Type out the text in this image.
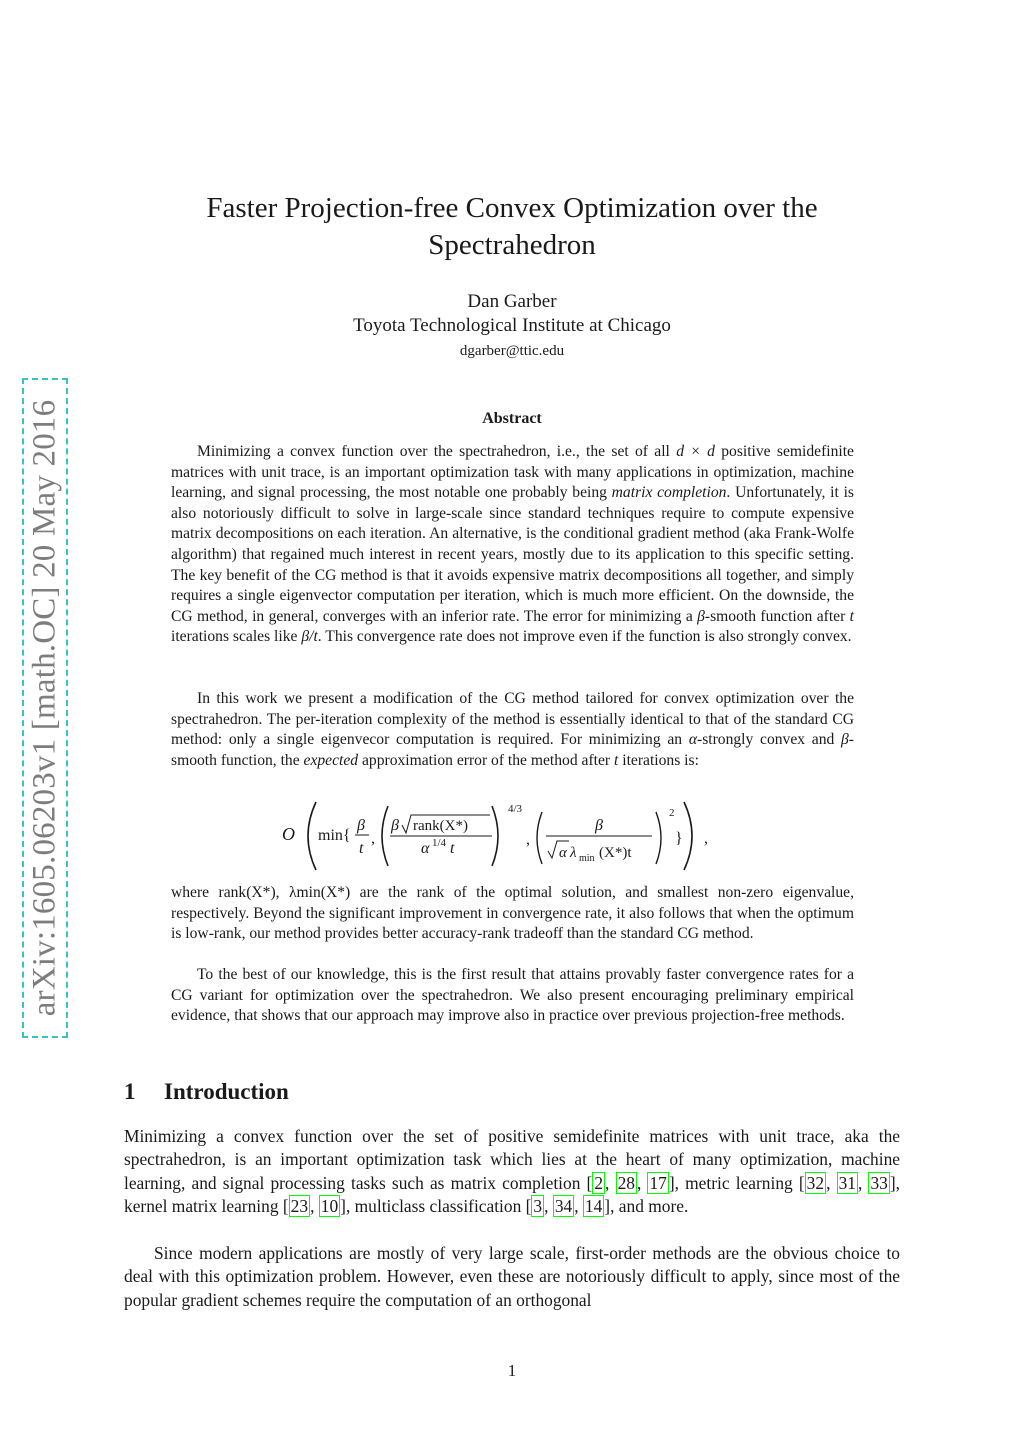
arXiv:1605.06203v1 [math.OC] 20 May 2016
Faster Projection-free Convex Optimization over the
Spectrahedron
Dan Garber
Toyota Technological Institute at Chicago
dgarber@ttic.edu
Abstract

Minimizing a convex function over the spectrahedron, i.e., the set of all d × d positive semidefinite matrices with unit trace, is an important optimization task with many applications in optimization, machine learning, and signal processing, the most notable one probably being matrix completion. Unfortunately, it is also notoriously difficult to solve in large-scale since standard techniques require to compute expensive matrix decompositions on each iteration. An alternative, is the conditional gradient method (aka Frank-Wolfe algorithm) that regained much interest in recent years, mostly due to its application to this specific setting. The key benefit of the CG method is that it avoids expensive matrix decompositions all together, and simply requires a single eigenvector computation per iteration, which is much more efficient. On the downside, the CG method, in general, converges with an inferior rate. The error for minimizing a β-smooth function after t iterations scales like β/t. This convergence rate does not improve even if the function is also strongly convex.

In this work we present a modification of the CG method tailored for convex optimization over the spectrahedron. The per-iteration complexity of the method is essentially identical to that of the standard CG method: only a single eigenvecor computation is required. For minimizing an α-strongly convex and β-smooth function, the expected approximation error of the method after t iterations is:

O min{
β
t
,
β rank(X*)
α 1/4 t
4/3
,
β
α λ min (X*)t
2
} ,

where rank(X*), λmin(X*) are the rank of the optimal solution, and smallest non-zero eigenvalue, respectively. Beyond the significant improvement in convergence rate, it also follows that when the optimum is low-rank, our method provides better accuracy-rank tradeoff than the standard CG method.

To the best of our knowledge, this is the first result that attains provably faster convergence rates for a CG variant for optimization over the spectrahedron. We also present encouraging preliminary empirical evidence, that shows that our approach may improve also in practice over previous projection-free methods.

1 Introduction

Minimizing a convex function over the set of positive semidefinite matrices with unit trace, aka the spectrahedron, is an important optimization task which lies at the heart of many optimization, machine learning, and signal processing tasks such as matrix completion [ 2 , 28 , 17 ], metric learning [ 32 , 31 , 33 ], kernel matrix learning [ 23 , 10 ], multiclass classification [ 3 , 34 , 14 ], and more.

Since modern applications are mostly of very large scale, first-order methods are the obvious choice to deal with this optimization problem. However, even these are notoriously difficult to apply, since most of the popular gradient schemes require the computation of an orthogonal

1
